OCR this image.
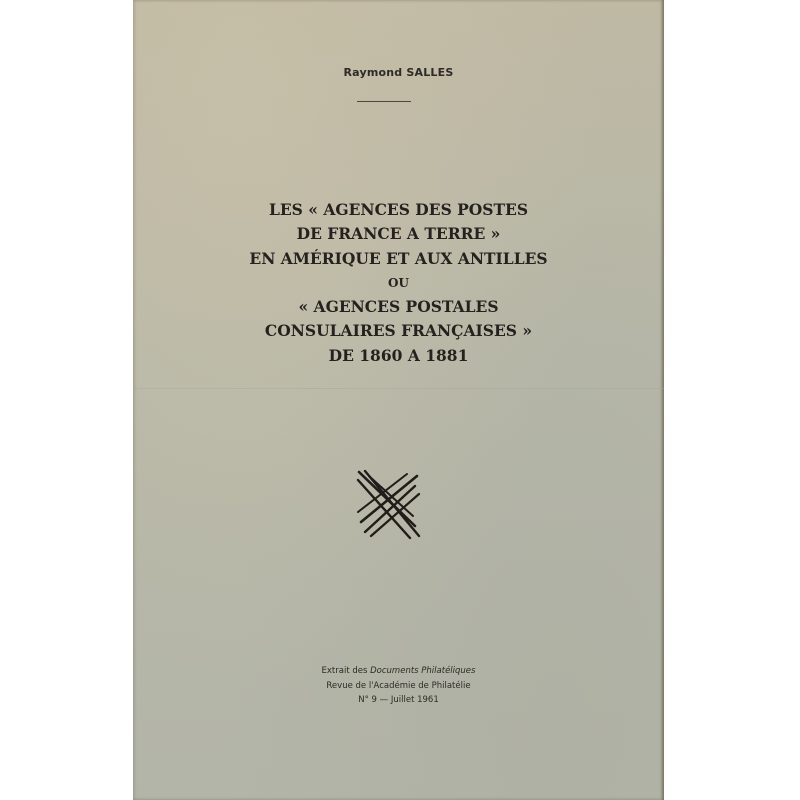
Raymond SALLES
LES « AGENCES DES POSTES
DE FRANCE A TERRE »
EN AMÉRIQUE ET AUX ANTILLES
OU
« AGENCES POSTALES
CONSULAIRES FRANÇAISES »
DE 1860 A 1881
Extrait des Documents Philatéliques
Revue de l'Académie de Philatélie
N° 9 — Juillet 1961
